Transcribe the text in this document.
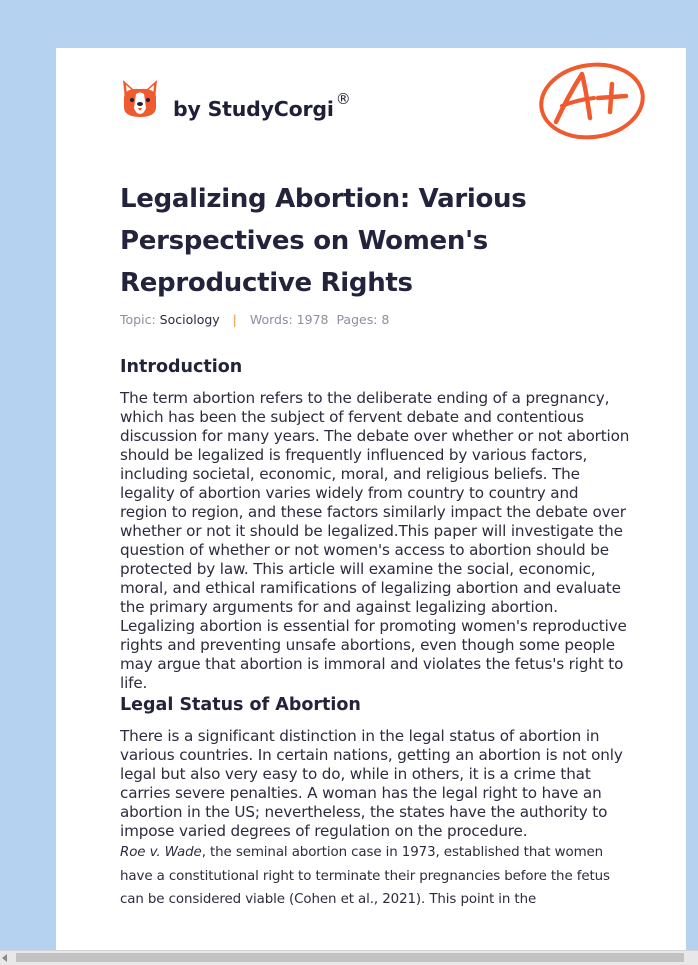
by StudyCorgi ®
A+
Legalizing Abortion: Various Perspectives on Women's Reproductive Rights
Topic: Sociology | Words: 1978 Pages: 8
Introduction

The term abortion refers to the deliberate ending of a pregnancy, which has been the subject of fervent debate and contentious discussion for many years. The debate over whether or not abortion should be legalized is frequently influenced by various factors, including societal, economic, moral, and religious beliefs. The legality of abortion varies widely from country to country and region to region, and these factors similarly impact the debate over whether or not it should be legalized.This paper will investigate the question of whether or not women's access to abortion should be protected by law. This article will examine the social, economic, moral, and ethical ramifications of legalizing abortion and evaluate the primary arguments for and against legalizing abortion. Legalizing abortion is essential for promoting women's reproductive rights and preventing unsafe abortions, even though some people may argue that abortion is immoral and violates the fetus's right to life.

Legal Status of Abortion

There is a significant distinction in the legal status of abortion in various countries. In certain nations, getting an abortion is not only legal but also very easy to do, while in others, it is a crime that carries severe penalties. A woman has the legal right to have an abortion in the US; nevertheless, the states have the authority to impose varied degrees of regulation on the procedure.

Roe v. Wade, the seminal abortion case in 1973, established that women have a constitutional right to terminate their pregnancies before the fetus can be considered viable (Cohen et al., 2021). This point in the
